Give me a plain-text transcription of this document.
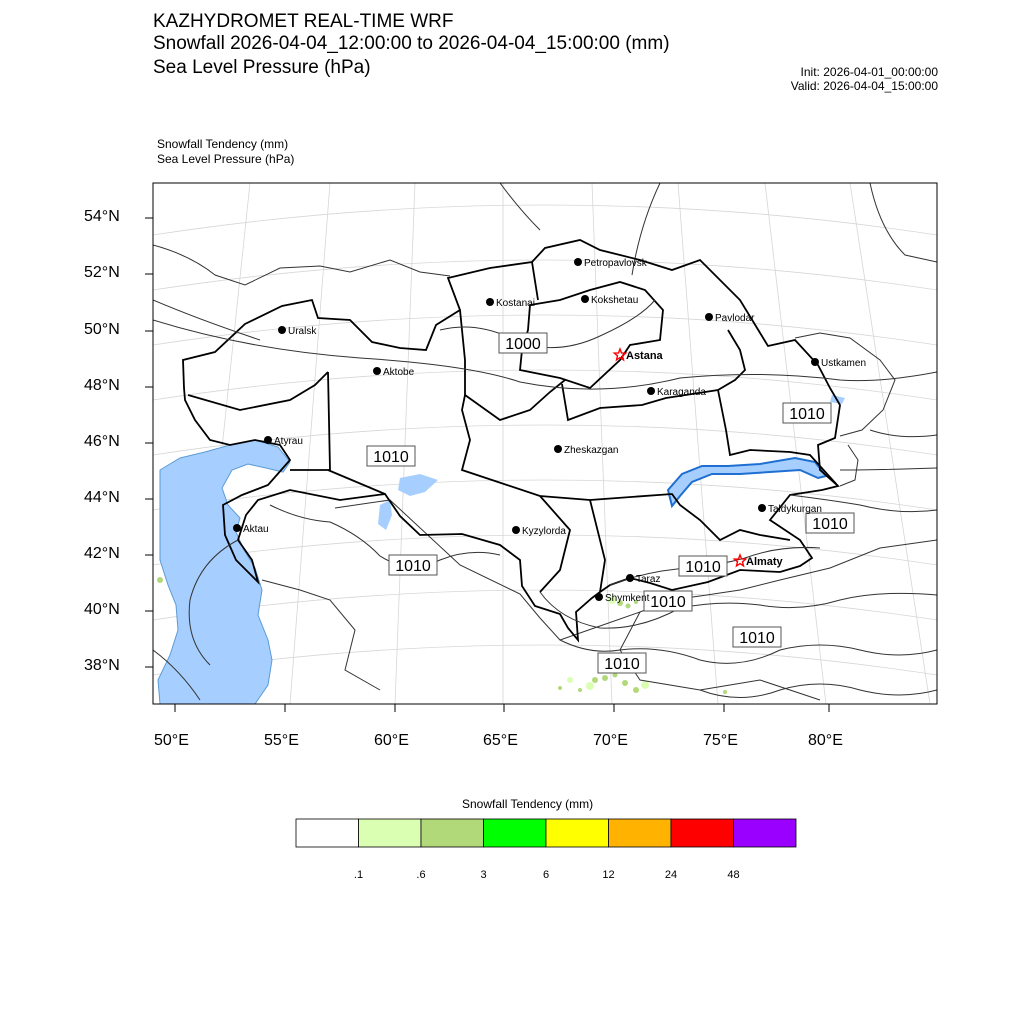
KAZHYDROMET REAL-TIME WRF
Snowfall 2026-04-04_12:00:00 to 2026-04-04_15:00:00 (mm)
Sea Level Pressure (hPa)	Init: 2026-04-01_00:00:00
Valid: 2026-04-04_15:00:00
Snowfall Tendency (mm)
Sea Level Pressure (hPa)
1000
1010
1010
1010
1010	1010
1010
1010
1010
Petropavlovsk
Kostanai	Kokshetau
Uralsk
Pavlodar
Astana
Aktobe
Ustkamen
Karaganda
Atyrau
Zheskazgan
Taldykurgan
Aktau	Kyzylorda
Almaty
Taraz
Shymkent
54°N
52°N
50°N
48°N
46°N
44°N
42°N
40°N
38°N
50°E	55°E	60°E	65°E	70°E	75°E	80°E
Snowfall Tendency (mm)
.1	.6	3	6	12	24	48
